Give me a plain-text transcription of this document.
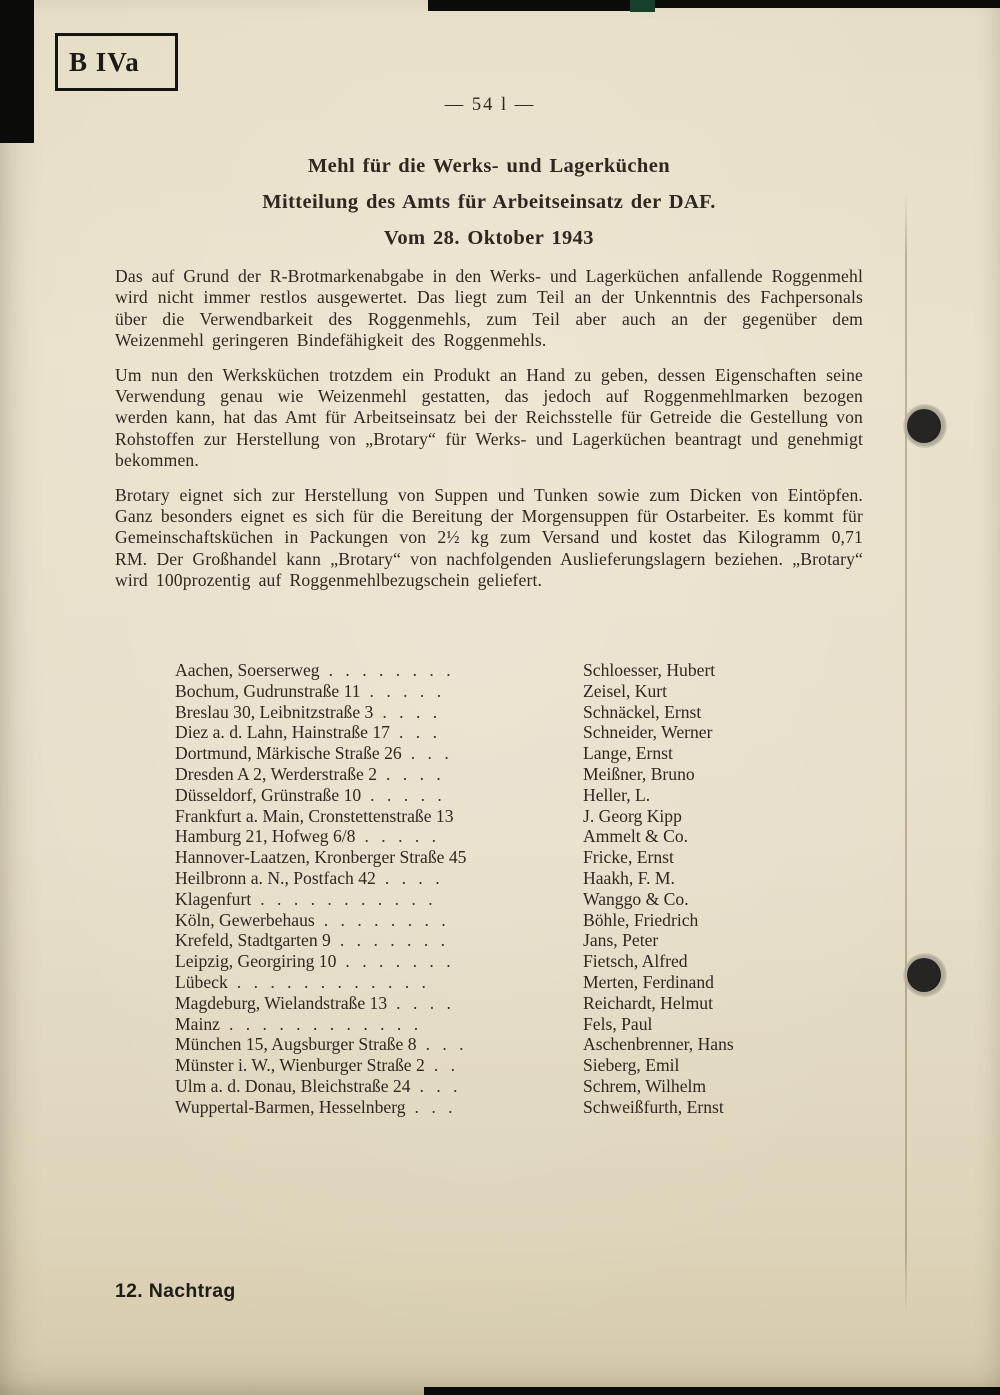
B IVa
— 54 l —
Mehl für die Werks- und Lagerküchen
Mitteilung des Amts für Arbeitseinsatz der DAF.
Vom 28. Oktober 1943

Das auf Grund der R-Brotmarkenabgabe in den Werks- und Lagerküchen anfallende Roggenmehl wird nicht immer restlos ausgewertet. Das liegt zum Teil an der Unkenntnis des Fachpersonals über die Verwendbarkeit des Roggenmehls, zum Teil aber auch an der gegenüber dem Weizenmehl geringeren Bindefähigkeit des Roggenmehls.

Um nun den Werksküchen trotzdem ein Produkt an Hand zu geben, dessen Eigenschaften seine Verwendung genau wie Weizenmehl gestatten, das jedoch auf Roggenmehlmarken bezogen werden kann, hat das Amt für Arbeitseinsatz bei der Reichsstelle für Getreide die Gestellung von Rohstoffen zur Herstellung von „Brotary“ für Werks- und Lagerküchen beantragt und genehmigt bekommen.

Brotary eignet sich zur Herstellung von Suppen und Tunken sowie zum Dicken von Eintöpfen. Ganz besonders eignet es sich für die Bereitung der Morgensuppen für Ostarbeiter. Es kommt für Gemeinschaftsküchen in Packungen von 2½ kg zum Versand und kostet das Kilogramm 0,71 RM. Der Großhandel kann „Brotary“ von nachfolgenden Auslieferungslagern beziehen. „Brotary“ wird 100prozentig auf Roggenmehlbezugschein geliefert.

Aachen, Soerserweg . . . . . . . .	Schloesser, Hubert
Bochum, Gudrunstraße 11 . . . . .	Zeisel, Kurt
Breslau 30, Leibnitzstraße 3 . . . .	Schnäckel, Ernst
Diez a. d. Lahn, Hainstraße 17 . . .	Schneider, Werner
Dortmund, Märkische Straße 26 . . .	Lange, Ernst
Dresden A 2, Werderstraße 2 . . . .	Meißner, Bruno
Düsseldorf, Grünstraße 10 . . . . .	Heller, L.
Frankfurt a. Main, Cronstettenstraße 13	J. Georg Kipp
Hamburg 21, Hofweg 6/8 . . . . .	Ammelt & Co.
Hannover-Laatzen, Kronberger Straße 45	Fricke, Ernst
Heilbronn a. N., Postfach 42 . . . .	Haakh, F. M.
Klagenfurt . . . . . . . . . . .	Wanggo & Co.
Köln, Gewerbehaus . . . . . . . .	Böhle, Friedrich
Krefeld, Stadtgarten 9 . . . . . . .	Jans, Peter
Leipzig, Georgiring 10 . . . . . . .	Fietsch, Alfred
Lübeck . . . . . . . . . . . .	Merten, Ferdinand
Magdeburg, Wielandstraße 13 . . . .	Reichardt, Helmut
Mainz . . . . . . . . . . . .	Fels, Paul
München 15, Augsburger Straße 8 . . .	Aschenbrenner, Hans
Münster i. W., Wienburger Straße 2 . .	Sieberg, Emil
Ulm a. d. Donau, Bleichstraße 24 . . .	Schrem, Wilhelm
Wuppertal-Barmen, Hesselnberg . . .	Schweißfurth, Ernst
12. Nachtrag
